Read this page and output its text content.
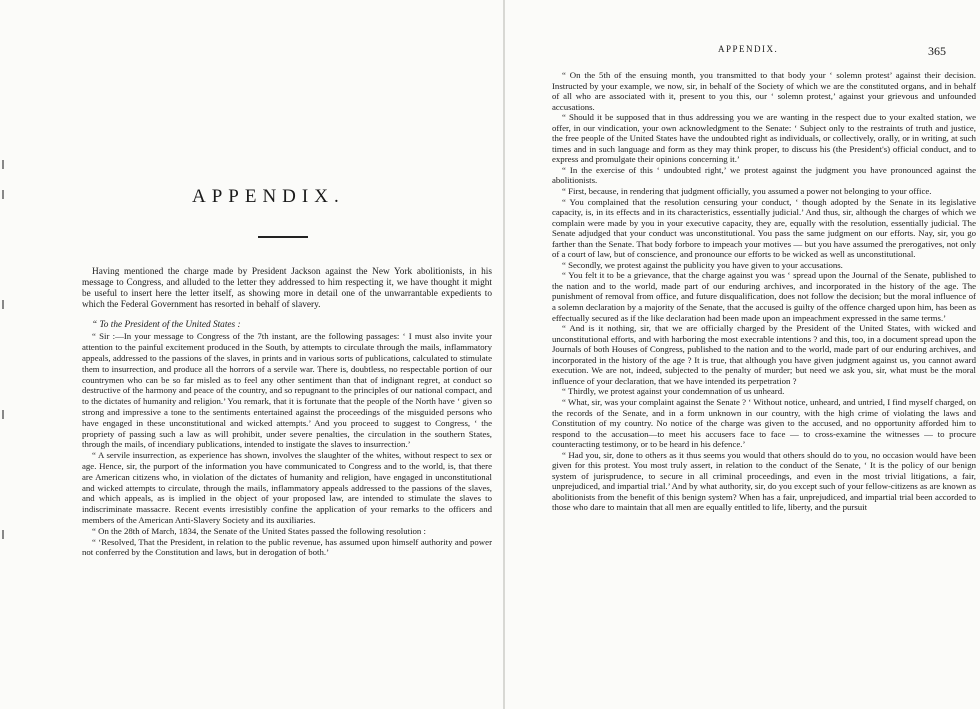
APPENDIX.

Having mentioned the charge made by President Jackson against the New York abolitionists, in his message to Congress, and alluded to the letter they addressed to him respecting it, we have thought it might be useful to insert here the letter itself, as showing more in detail one of the unwarrantable expedients to which the Federal Government has resorted in behalf of slavery.

“ To the President of the United States :

“ Sir :—In your message to Congress of the 7th instant, are the following passages: ‘ I must also invite your attention to the painful excitement produced in the South, by attempts to circulate through the mails, inflammatory appeals, addressed to the passions of the slaves, in prints and in various sorts of publications, calculated to stimulate them to insurrection, and produce all the horrors of a servile war. There is, doubtless, no respectable portion of our countrymen who can be so far misled as to feel any other sentiment than that of indignant regret, at conduct so destructive of the harmony and peace of the country, and so repugnant to the principles of our national compact, and to the dictates of humanity and religion.’ You remark, that it is fortunate that the people of the North have ‘ given so strong and impressive a tone to the sentiments entertained against the proceedings of the misguided persons who have engaged in these unconstitutional and wicked attempts.’ And you proceed to suggest to Congress, ‘ the propriety of passing such a law as will prohibit, under severe penalties, the circulation in the southern States, through the mails, of incendiary publications, intended to instigate the slaves to insurrection.’

“ A servile insurrection, as experience has shown, involves the slaughter of the whites, without respect to sex or age. Hence, sir, the purport of the information you have communicated to Congress and to the world, is, that there are American citizens who, in violation of the dictates of humanity and religion, have engaged in unconstitutional and wicked attempts to circulate, through the mails, inflammatory appeals addressed to the passions of the slaves, and which appeals, as is implied in the object of your proposed law, are intended to stimulate the slaves to indiscriminate massacre. Recent events irresistibly confine the application of your remarks to the officers and members of the American Anti-Slavery Society and its auxiliaries.

“ On the 28th of March, 1834, the Senate of the United States passed the following resolution :

“ ‘Resolved, That the President, in relation to the public revenue, has assumed upon himself authority and power not conferred by the Constitution and laws, but in derogation of both.’

APPENDIX.	365

“ On the 5th of the ensuing month, you transmitted to that body your ‘ solemn protest’ against their decision. Instructed by your example, we now, sir, in behalf of the Society of which we are the constituted organs, and in behalf of all who are associated with it, present to you this, our ‘ solemn protest,’ against your grievous and unfounded accusations.

“ Should it be supposed that in thus addressing you we are wanting in the respect due to your exalted station, we offer, in our vindication, your own acknowledgment to the Senate: ‘ Subject only to the restraints of truth and justice, the free people of the United States have the undoubted right as individuals, or collectively, orally, or in writing, at such times and in such language and form as they may think proper, to discuss his (the President's) official conduct, and to express and promulgate their opinions concerning it.’

“ In the exercise of this ‘ undoubted right,’ we protest against the judgment you have pronounced against the abolitionists.

“ First, because, in rendering that judgment officially, you assumed a power not belonging to your office.

“ You complained that the resolution censuring your conduct, ‘ though adopted by the Senate in its legislative capacity, is, in its effects and in its characteristics, essentially judicial.’ And thus, sir, although the charges of which we complain were made by you in your executive capacity, they are, equally with the resolution, essentially judicial. The Senate adjudged that your conduct was unconstitutional. You pass the same judgment on our efforts. Nay, sir, you go farther than the Senate. That body forbore to impeach your motives — but you have assumed the prerogatives, not only of a court of law, but of conscience, and pronounce our efforts to be wicked as well as unconstitutional.

“ Secondly, we protest against the publicity you have given to your accusations.

“ You felt it to be a grievance, that the charge against you was ‘ spread upon the Journal of the Senate, published to the nation and to the world, made part of our enduring archives, and incorporated in the history of the age. The punishment of removal from office, and future disqualification, does not follow the decision; but the moral influence of a solemn declaration by a majority of the Senate, that the accused is guilty of the offence charged upon him, has been as effectually secured as if the like declaration had been made upon an impeachment expressed in the same terms.’

“ And is it nothing, sir, that we are officially charged by the President of the United States, with wicked and unconstitutional efforts, and with harboring the most execrable intentions ? and this, too, in a document spread upon the Journals of both Houses of Congress, published to the nation and to the world, made part of our enduring archives, and incorporated in the history of the age ? It is true, that although you have given judgment against us, you cannot award execution. We are not, indeed, subjected to the penalty of murder; but need we ask you, sir, what must be the moral influence of your declaration, that we have intended its perpetration ?

“ Thirdly, we protest against your condemnation of us unheard.

“ What, sir, was your complaint against the Senate ? ‘ Without notice, unheard, and untried, I find myself charged, on the records of the Senate, and in a form unknown in our country, with the high crime of violating the laws and Constitution of my country. No notice of the charge was given to the accused, and no opportunity afforded him to respond to the accusation—to meet his accusers face to face — to cross-examine the witnesses — to procure counteracting testimony, or to be heard in his defence.’

“ Had you, sir, done to others as it thus seems you would that others should do to you, no occasion would have been given for this protest. You most truly assert, in relation to the conduct of the Senate, ‘ It is the policy of our benign system of jurisprudence, to secure in all criminal proceedings, and even in the most trivial litigations, a fair, unprejudiced, and impartial trial.’ And by what authority, sir, do you except such of your fellow-citizens as are known as abolitionists from the benefit of this benign system? When has a fair, unprejudiced, and impartial trial been accorded to those who dare to maintain that all men are equally entitled to life, liberty, and the pursuit
